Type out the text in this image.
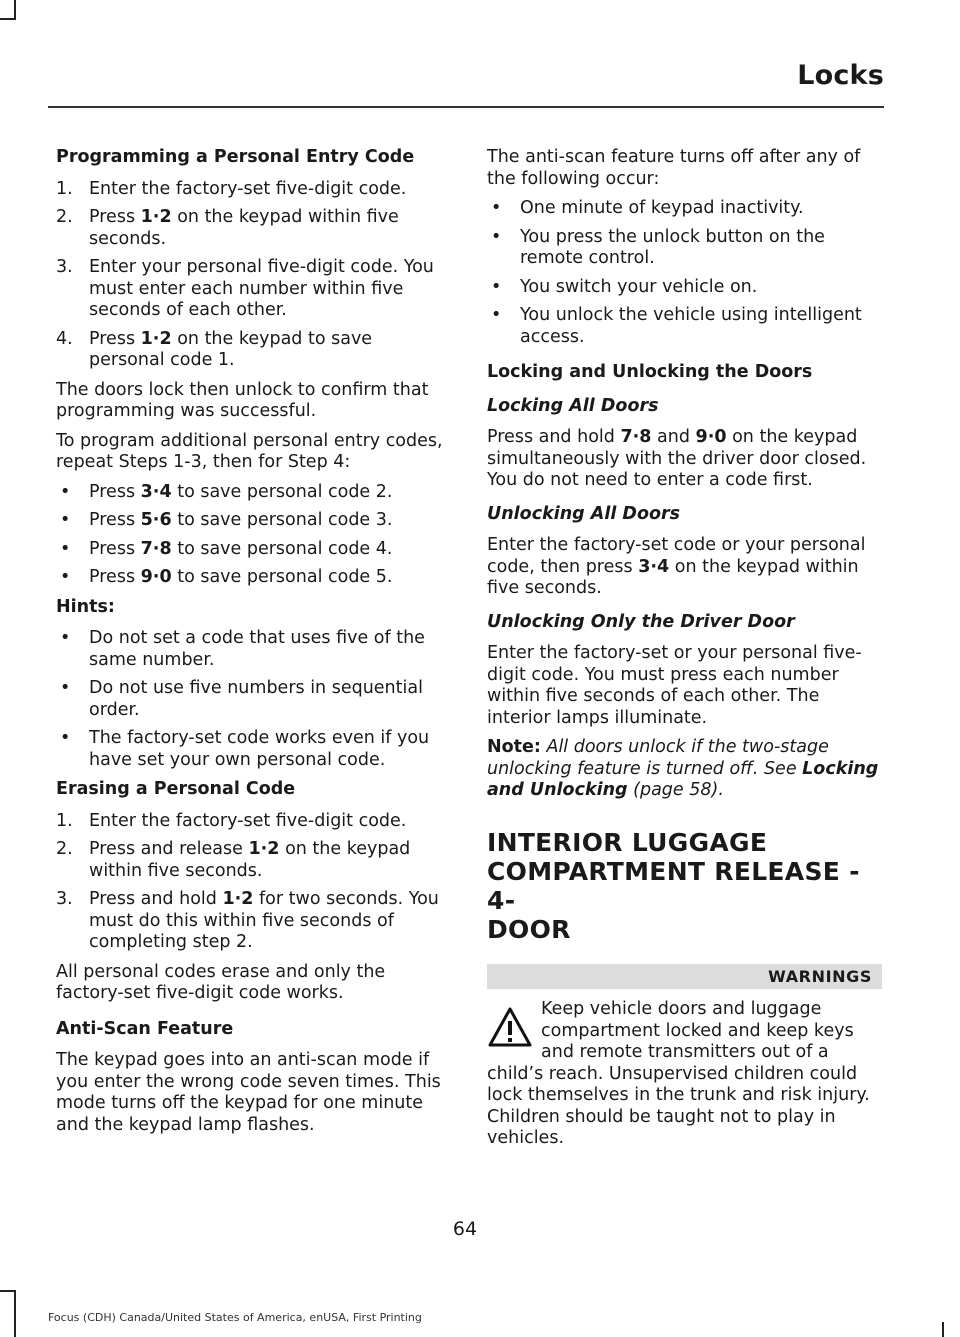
Locks
Programming a Personal Entry Code
1. Enter the factory-set five-digit code.
2. Press 1·2 on the keypad within five seconds.
3. Enter your personal five-digit code. You must enter each number within five seconds of each other.
4. Press 1·2 on the keypad to save personal code 1.

The doors lock then unlock to confirm that programming was successful.

To program additional personal entry codes, repeat Steps 1-3, then for Step 4:

• Press 3·4 to save personal code 2.
• Press 5·6 to save personal code 3.
• Press 7·8 to save personal code 4.
• Press 9·0 to save personal code 5.
Hints:
• Do not set a code that uses five of the same number.
• Do not use five numbers in sequential order.
• The factory-set code works even if you have set your own personal code.
Erasing a Personal Code
1. Enter the factory-set five-digit code.
2. Press and release 1·2 on the keypad within five seconds.
3. Press and hold 1·2 for two seconds. You must do this within five seconds of completing step 2.

All personal codes erase and only the factory-set five-digit code works.

Anti-Scan Feature

The keypad goes into an anti-scan mode if you enter the wrong code seven times. This mode turns off the keypad for one minute and the keypad lamp flashes.

The anti-scan feature turns off after any of the following occur:

• One minute of keypad inactivity.
• You press the unlock button on the remote control.
• You switch your vehicle on.
• You unlock the vehicle using intelligent access.
Locking and Unlocking the Doors
Locking All Doors

Press and hold 7·8 and 9·0 on the keypad simultaneously with the driver door closed. You do not need to enter a code first.

Unlocking All Doors

Enter the factory-set code or your personal code, then press 3·4 on the keypad within five seconds.

Unlocking Only the Driver Door

Enter the factory-set or your personal five-digit code. You must press each number within five seconds of each other. The interior lamps illuminate.

Note: All doors unlock if the two-stage unlocking feature is turned off. See Locking and Unlocking (page 58).

INTERIOR LUGGAGE
COMPARTMENT RELEASE - 4-
DOOR
WARNINGS

Keep vehicle doors and luggage compartment locked and keep keys and remote transmitters out of a child’s reach. Unsupervised children could lock themselves in the trunk and risk injury. Children should be taught not to play in vehicles.

64
Focus (CDH) Canada/United States of America, enUSA, First Printing
